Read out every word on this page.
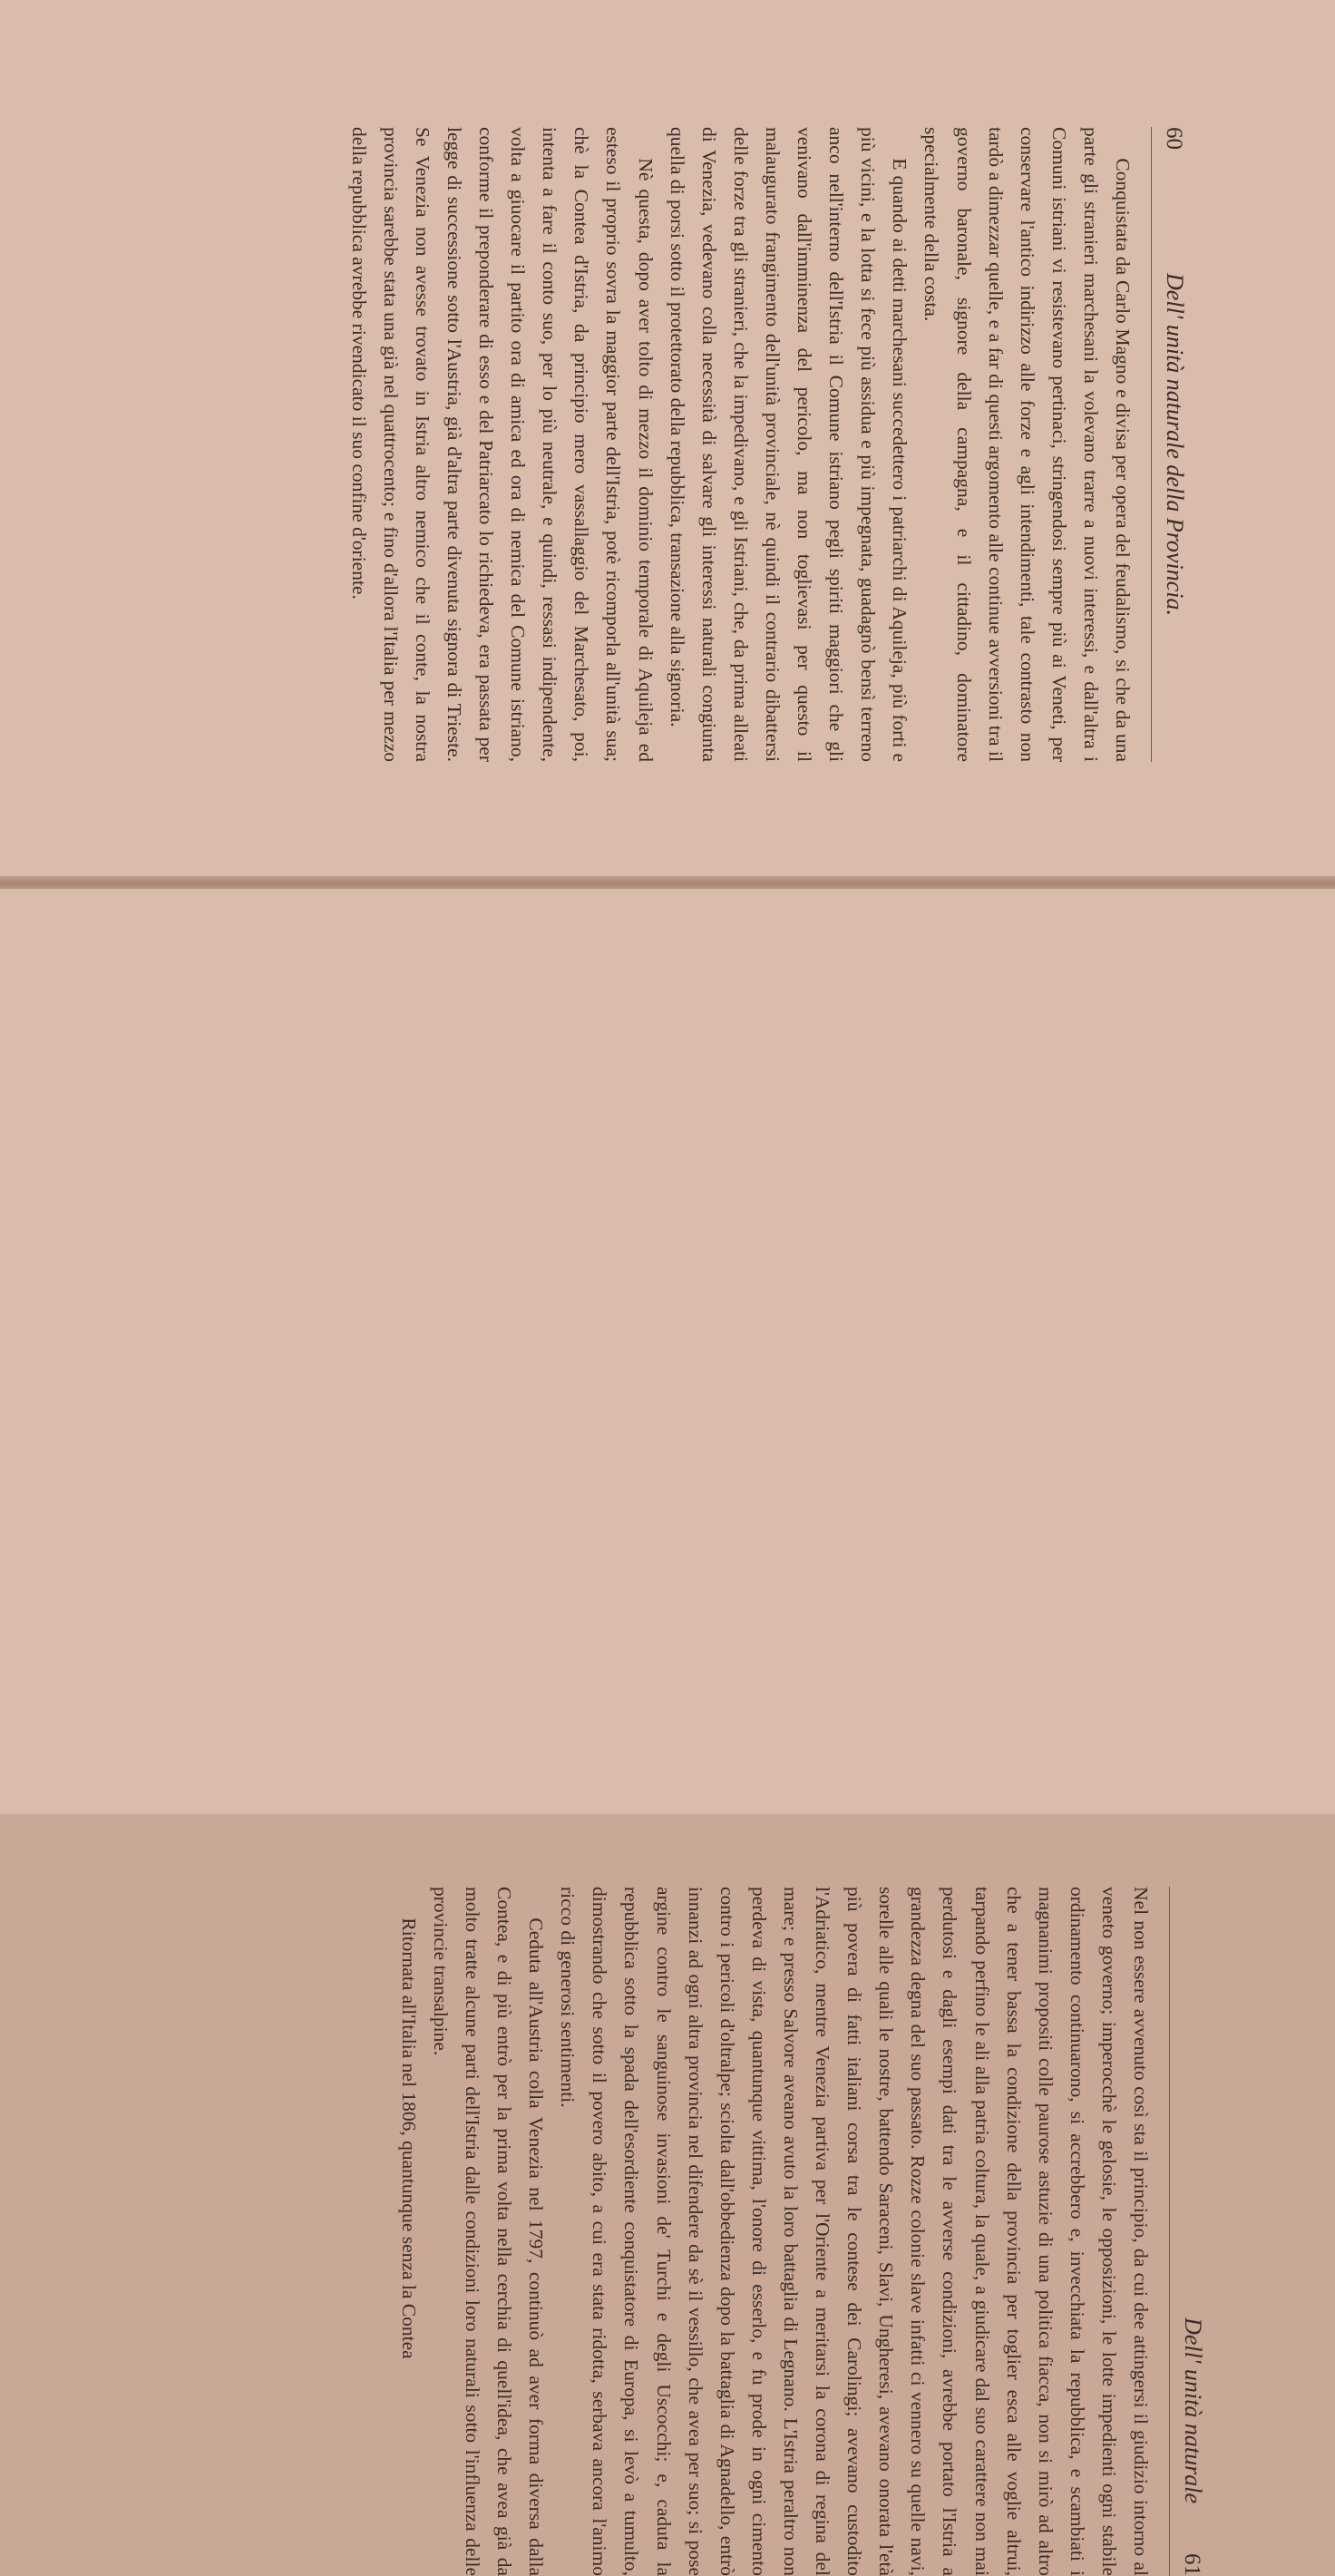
60
Dell' unità naturale della Provincia.

Conquistata da Carlo Magno e divisa per opera del feudalismo, si che da una parte gli stranieri marchesani la volevano trarre a nuovi interessi, e dall'altra i Comuni istriani vi resistevano pertinaci, stringendosi sempre più ai Veneti, per conservare l'antico indirizzo alle forze e agli intendimenti, tale contrasto non tardò a dimezzar quelle, e a far di questi argomento alle continue avversioni tra il governo baronale, signore della campagna, e il cittadino, dominatore specialmente della costa.

E quando ai detti marchesani succedettero i patriarchi di Aquileja, più forti e più vicini, e la lotta si fece più assidua e più impegnata, guadagnò bensì terreno anco nell'interno dell'Istria il Comune istriano pegli spiriti maggiori che gli venivano dall'imminenza del pericolo, ma non toglievasi per questo il malaugurato frangimento dell'unità provinciale, nè quindi il contrario dibattersi delle forze tra gli stranieri, che la impedivano, e gli Istriani, che, da prima alleati di Venezia, vedevano colla necessità di salvare gli interessi naturali congiunta quella di porsi sotto il protettorato della repubblica, transazione alla signoria.

Nè questa, dopo aver tolto di mezzo il dominio temporale di Aquileja ed esteso il proprio sovra la maggior parte dell'Istria, potè ricomporla all'unità sua; chè la Contea d'Istria, da principio mero vassallaggio del Marchesato, poi, intenta a fare il conto suo, per lo più neutrale, e quindi, ressasi indipendente, volta a giuocare il partito ora di amica ed ora di nemica del Comune istriano, conforme il preponderare di esso e del Patriarcato lo richiedeva, era passata per legge di successione sotto l'Austria, già d'altra parte divenuta signora di Trieste. Se Venezia non avesse trovato in Istria altro nemico che il conte, la nostra provincia sarebbe stata una già nel quattrocento; e fino d'allora l'Italia per mezzo della repubblica avrebbe rivendicato il suo confine d'oriente.

Dell' unità naturale
61

Nel non essere avvenuto così sta il principio, da cui dee attingersi il giudizio intorno al veneto governo; imperocchè le gelosie, le opposizioni, le lotte impedienti ogni stabile ordinamento continuarono, si accrebbero e, invecchiata la repubblica, e scambiati i magnanimi propositi colle paurose astuzie di una politica fiacca, non si mirò ad altro che a tener bassa la condizione della provincia per toglier esca alle voglie altrui, tarpando perfino le ali alla patria coltura, la quale, a giudicare dal suo carattere non mai perdutosi e dagli esempi dati tra le avverse condizioni, avrebbe portato l'Istria a grandezza degna del suo passato. Rozze colonie slave infatti ci vennero su quelle navi, sorelle alle quali le nostre, battendo Saraceni, Slavi, Ungheresi, avevano onorata l'età più povera di fatti italiani corsa tra le contese dei Carolingi; avevano custodito l'Adriatico, mentre Venezia partiva per l'Oriente a meritarsi la corona di regina del mare; e presso Salvore aveano avuto la loro battaglia di Legnano. L'Istria peraltro non perdeva di vista, quantunque vittima, l'onore di esserlo, e fu prode in ogni cimento contro i pericoli d'oltralpe; sciolta dall'obbedienza dopo la battaglia di Agnadello, entrò innanzi ad ogni altra provincia nel difendere da sè il vessillo, che avea per suo; si pose argine contro le sanguinose invasioni de' Turchi e degli Uscocchi; e, caduta la repubblica sotto la spada dell'esordiente conquistatore di Europa, si levò a tumulto, dimostrando che sotto il povero abito, a cui era stata ridotta, serbava ancora l'animo ricco di generosi sentimenti.

Ceduta all'Austria colla Venezia nel 1797, continuò ad aver forma diversa dalla Contea, e di più entrò per la prima volta nella cerchia di quell'idea, che avea già da molto tratte alcune parti dell'Istria dalle condizioni loro naturali sotto l'influenza delle provincie transalpine.

Ritornata all'Italia nel 1806, quantunque senza la Contea
